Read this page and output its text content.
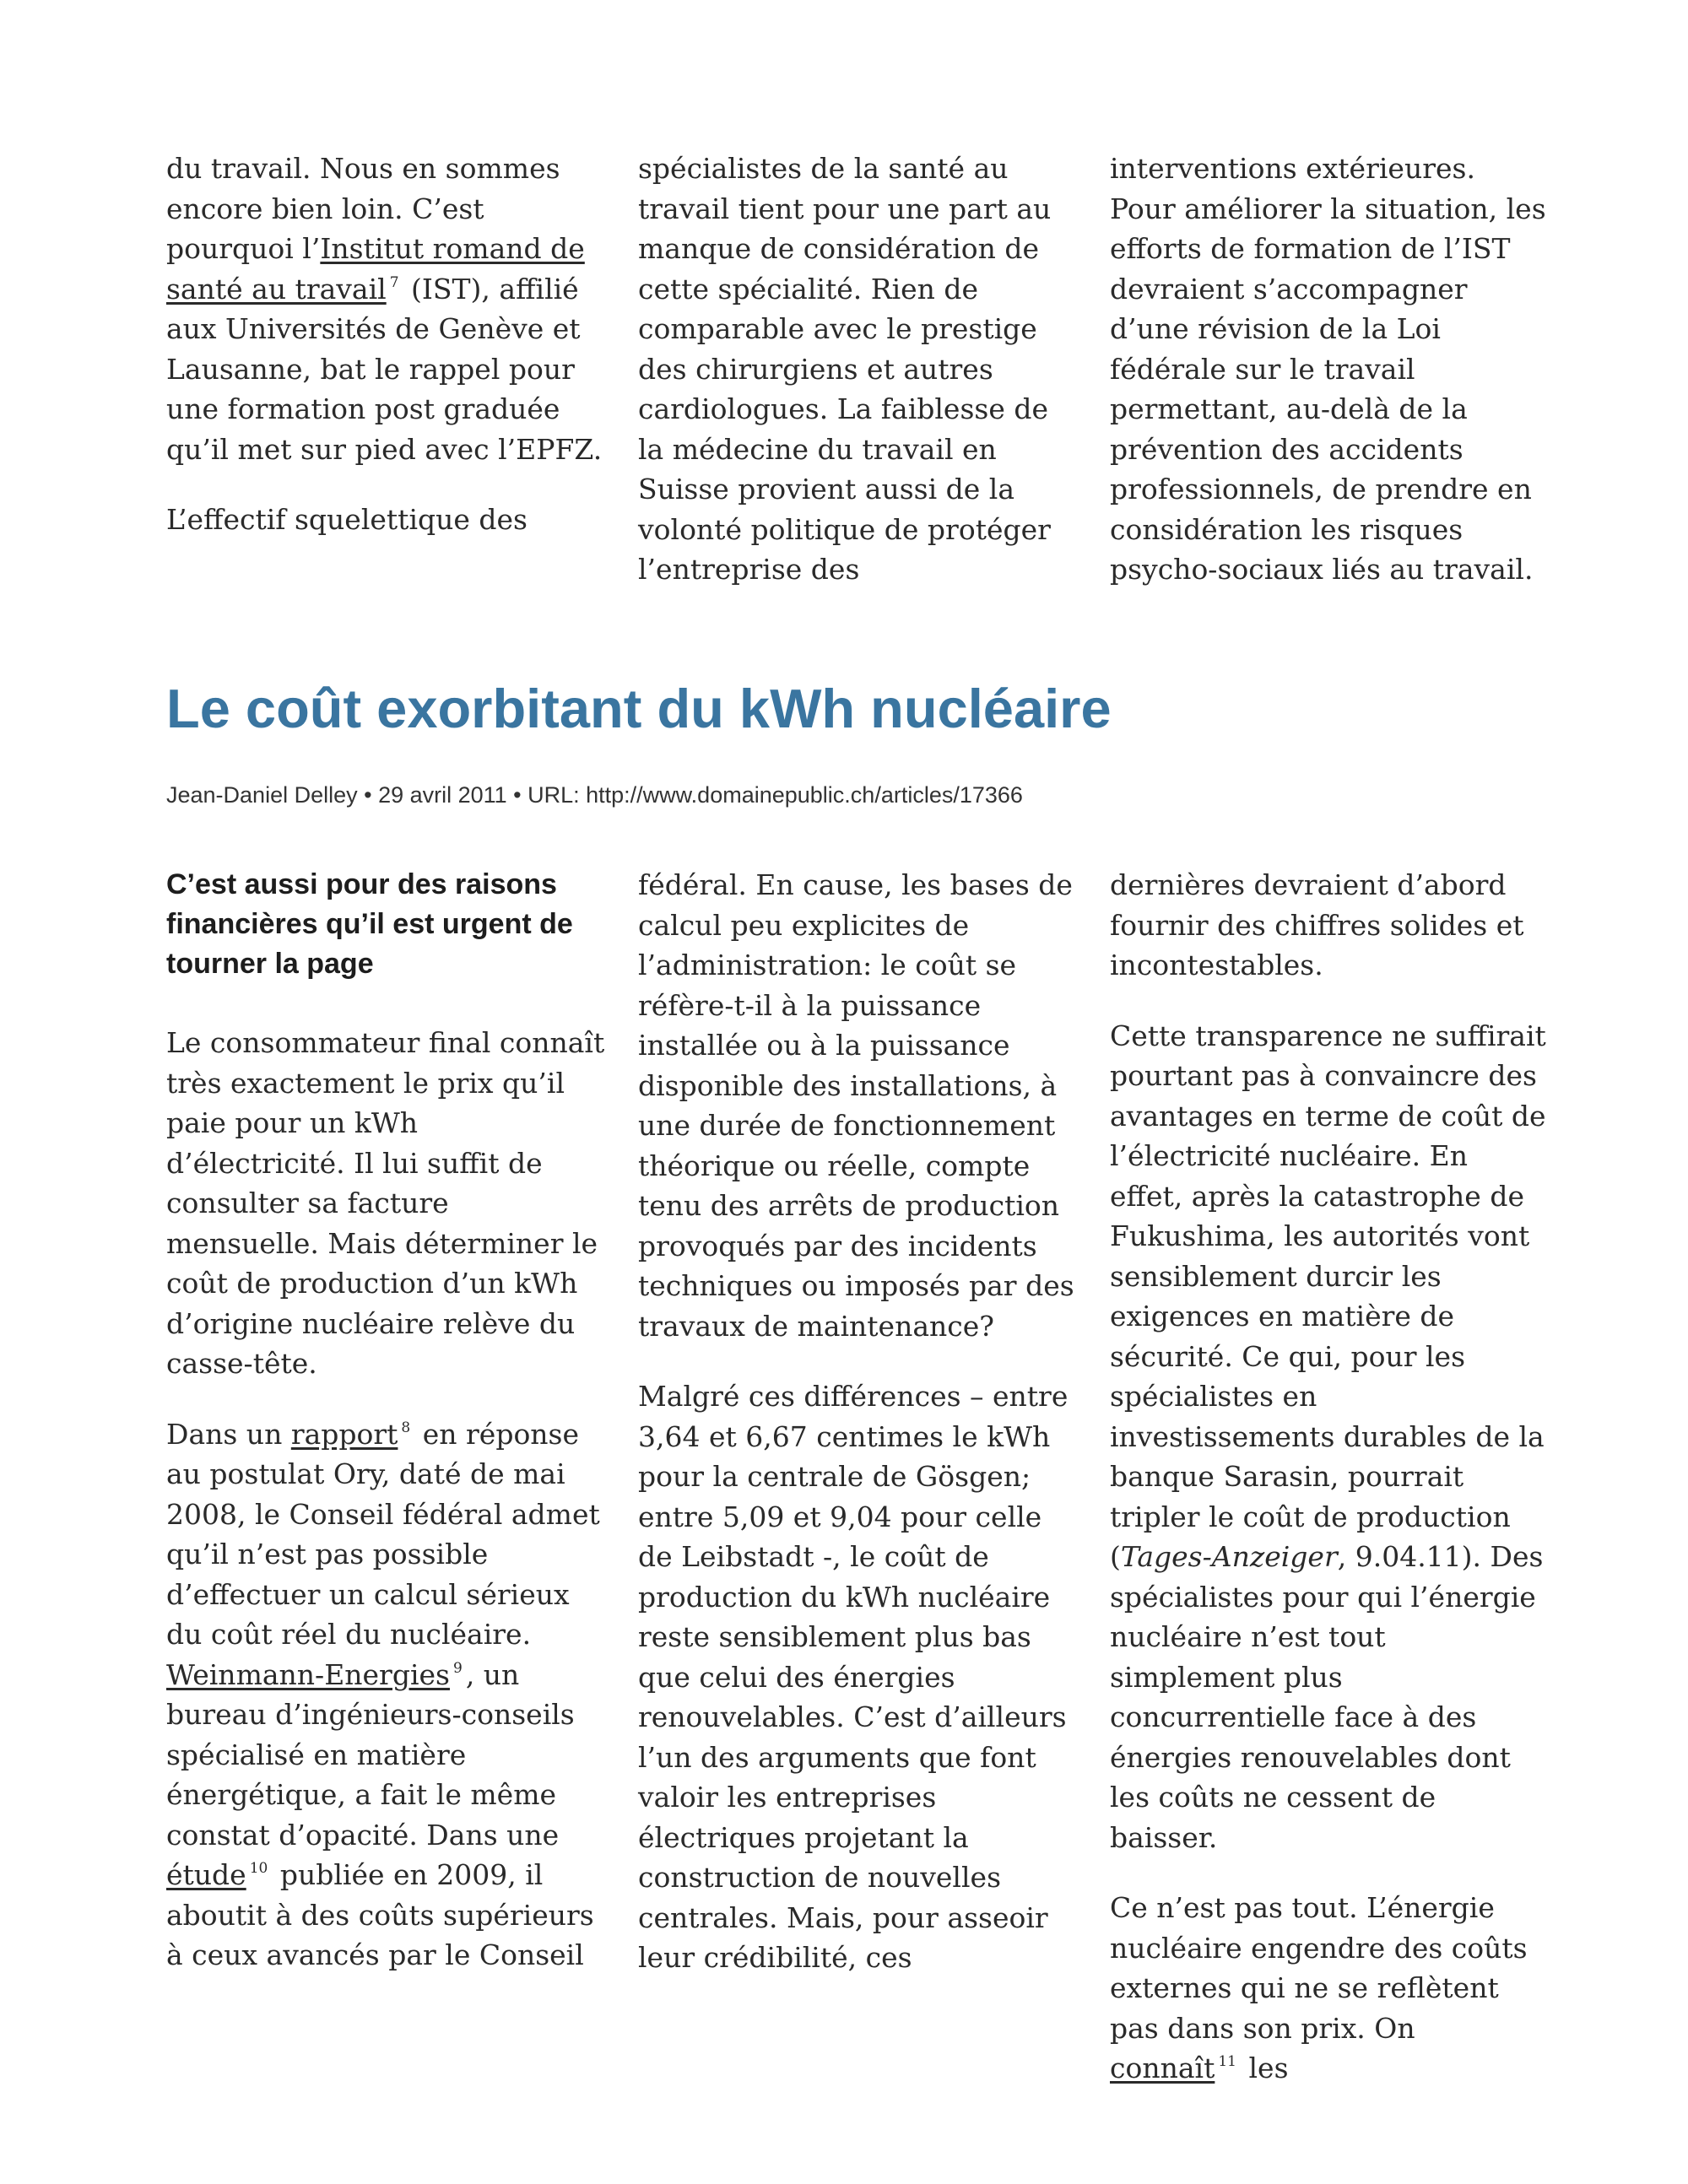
du travail. Nous en sommes encore bien loin. C’est pourquoi l’Institut romand de santé au travail $^7$ (IST), affilié aux Universités de Genève et Lausanne, bat le rappel pour une formation post graduée qu’il met sur pied avec l’EPFZ.

L’effectif squelettique des

spécialistes de la santé au travail tient pour une part au manque de considération de cette spécialité. Rien de comparable avec le prestige des chirurgiens et autres cardiologues. La faiblesse de la médecine du travail en Suisse provient aussi de la volonté politique de protéger l’entreprise des

interventions extérieures. Pour améliorer la situation, les efforts de formation de l’IST devraient s’accompagner d’une révision de la Loi fédérale sur le travail permettant, au-delà de la prévention des accidents professionnels, de prendre en considération les risques psycho-sociaux liés au travail.

Le coût exorbitant du kWh nucléaire
Jean-Daniel Delley • 29 avril 2011 • URL: http://www.domainepublic.ch/articles/17366
C’est aussi pour des raisons financières qu’il est urgent de tourner la page

Le consommateur final connaît très exactement le prix qu’il paie pour un kWh d’électricité. Il lui suffit de consulter sa facture mensuelle. Mais déterminer le coût de production d’un kWh d’origine nucléaire relève du casse-tête.

Dans un rapport $^8$ en réponse au postulat Ory, daté de mai 2008, le Conseil fédéral admet qu’il n’est pas possible d’effectuer un calcul sérieux du coût réel du nucléaire. Weinmann-Energies $^9$ , un bureau d’ingénieurs-conseils spécialisé en matière énergétique, a fait le même constat d’opacité. Dans une étude $^{10}$ publiée en 2009, il aboutit à des coûts supérieurs à ceux avancés par le Conseil

fédéral. En cause, les bases de calcul peu explicites de l’administration: le coût se réfère-t-il à la puissance installée ou à la puissance disponible des installations, à une durée de fonctionnement théorique ou réelle, compte tenu des arrêts de production provoqués par des incidents techniques ou imposés par des travaux de maintenance?

Malgré ces différences – entre 3,64 et 6,67 centimes le kWh pour la centrale de Gösgen; entre 5,09 et 9,04 pour celle de Leibstadt -, le coût de production du kWh nucléaire reste sensiblement plus bas que celui des énergies renouvelables. C’est d’ailleurs l’un des arguments que font valoir les entreprises électriques projetant la construction de nouvelles centrales. Mais, pour asseoir leur crédibilité, ces

dernières devraient d’abord fournir des chiffres solides et incontestables.

Cette transparence ne suffirait pourtant pas à convaincre des avantages en terme de coût de l’électricité nucléaire. En effet, après la catastrophe de Fukushima, les autorités vont sensiblement durcir les exigences en matière de sécurité. Ce qui, pour les spécialistes en investissements durables de la banque Sarasin, pourrait tripler le coût de production (Tages-Anzeiger, 9.04.11). Des spécialistes pour qui l’énergie nucléaire n’est tout simplement plus concurrentielle face à des énergies renouvelables dont les coûts ne cessent de baisser.

Ce n’est pas tout. L’énergie nucléaire engendre des coûts externes qui ne se reflètent pas dans son prix. On connaît $^{11}$ les
